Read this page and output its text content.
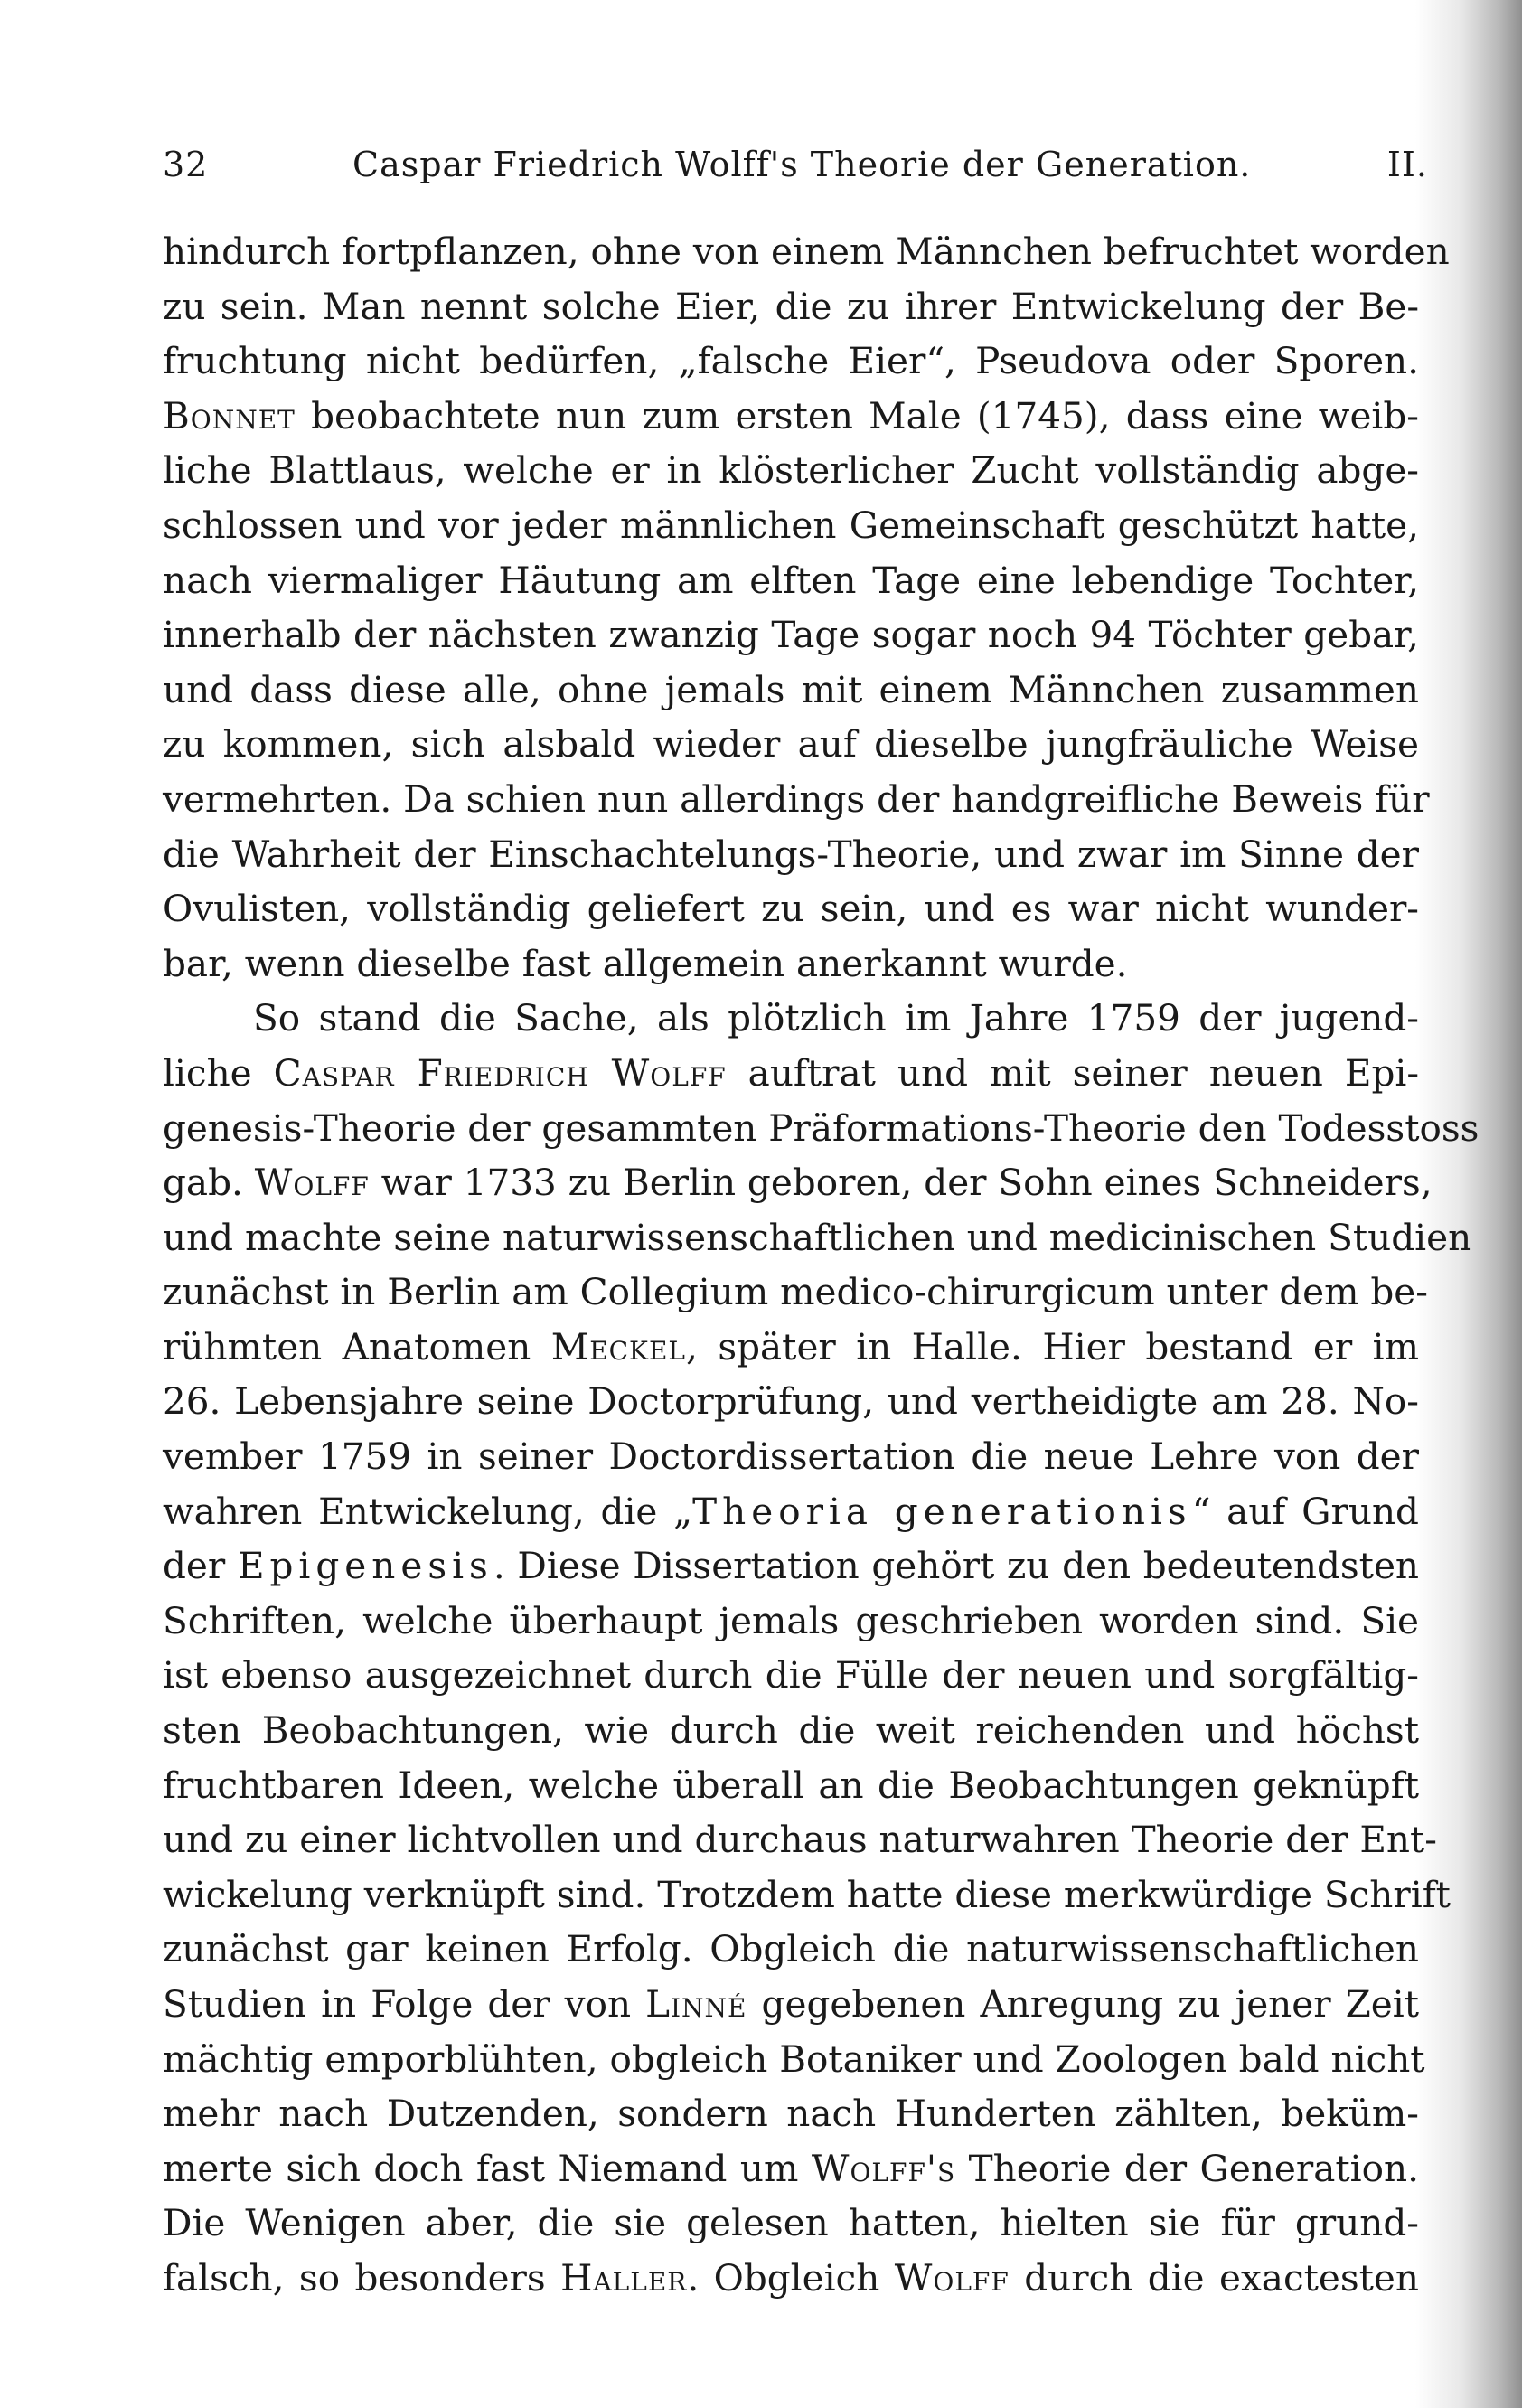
32	Caspar Friedrich Wolff's Theorie der Generation.	II.
hindurch fortpflanzen, ohne von einem Männchen befruchtet worden
zu sein. Man nennt solche Eier, die zu ihrer Entwickelung der Be-
fruchtung nicht bedürfen, „falsche Eier“, Pseudova oder Sporen.
Bonnet beobachtete nun zum ersten Male (1745), dass eine weib-
liche Blattlaus, welche er in klösterlicher Zucht vollständig abge-
schlossen und vor jeder männlichen Gemeinschaft geschützt hatte,
nach viermaliger Häutung am elften Tage eine lebendige Tochter,
innerhalb der nächsten zwanzig Tage sogar noch 94 Töchter gebar,
und dass diese alle, ohne jemals mit einem Männchen zusammen
zu kommen, sich alsbald wieder auf dieselbe jungfräuliche Weise
vermehrten. Da schien nun allerdings der handgreifliche Beweis für
die Wahrheit der Einschachtelungs-Theorie, und zwar im Sinne der
Ovulisten, vollständig geliefert zu sein, und es war nicht wunder-
bar, wenn dieselbe fast allgemein anerkannt wurde.
So stand die Sache, als plötzlich im Jahre 1759 der jugend-
liche Caspar Friedrich Wolff auftrat und mit seiner neuen Epi-
genesis-Theorie der gesammten Präformations-Theorie den Todesstoss
gab. Wolff war 1733 zu Berlin geboren, der Sohn eines Schneiders,
und machte seine naturwissenschaftlichen und medicinischen Studien
zunächst in Berlin am Collegium medico-chirurgicum unter dem be-
rühmten Anatomen Meckel, später in Halle. Hier bestand er im
26. Lebensjahre seine Doctorprüfung, und vertheidigte am 28. No-
vember 1759 in seiner Doctordissertation die neue Lehre von der
wahren Entwickelung, die „Theoria generationis“ auf Grund
der Epigenesis. Diese Dissertation gehört zu den bedeutendsten
Schriften, welche überhaupt jemals geschrieben worden sind. Sie
ist ebenso ausgezeichnet durch die Fülle der neuen und sorgfältig-
sten Beobachtungen, wie durch die weit reichenden und höchst
fruchtbaren Ideen, welche überall an die Beobachtungen geknüpft
und zu einer lichtvollen und durchaus naturwahren Theorie der Ent-
wickelung verknüpft sind. Trotzdem hatte diese merkwürdige Schrift
zunächst gar keinen Erfolg. Obgleich die naturwissenschaftlichen
Studien in Folge der von Linné gegebenen Anregung zu jener Zeit
mächtig emporblühten, obgleich Botaniker und Zoologen bald nicht
mehr nach Dutzenden, sondern nach Hunderten zählten, beküm-
merte sich doch fast Niemand um Wolff's Theorie der Generation.
Die Wenigen aber, die sie gelesen hatten, hielten sie für grund-
falsch, so besonders Haller. Obgleich Wolff durch die exactesten
